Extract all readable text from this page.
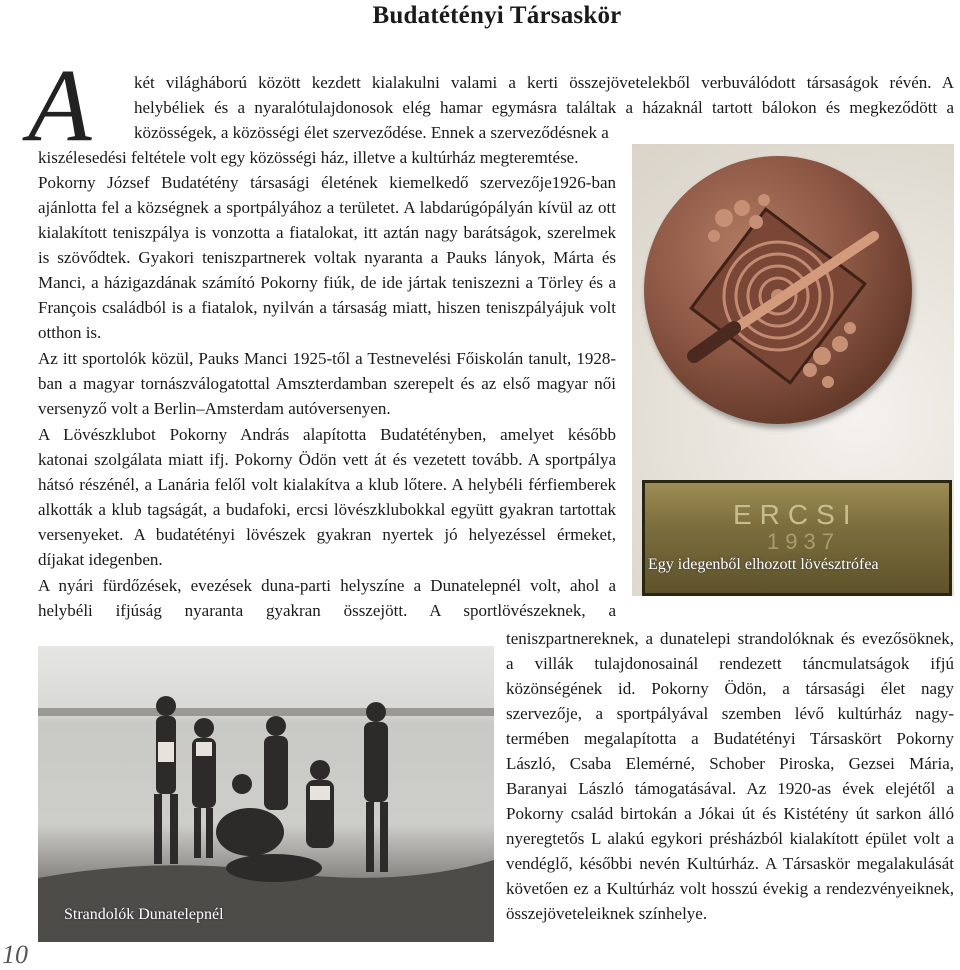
Budatétényi Társaskör
A két világháború között kezdett kialakulni valami a kerti összejövetelekből verbuválódott társaságok révén. A
helybéliek és a nyaralótulajdonosok elég hamar egymásra találtak a házaknál tartott bálokon és megkeződött a
közösségek, a közösségi élet szerveződése. Ennek a szerveződésnek a
kiszélesedési feltétele volt egy közösségi ház, illetve a kultúrház megteremtése.
Pokorny József Budatétény társasági életének kiemelkedő szervezője1926-ban
ajánlotta fel a községnek a sportpályához a területet. A labdarúgópályán kívül az ott
kialakított teniszpálya is vonzotta a fiatalokat, itt aztán nagy barátságok, szerelmek
is szövődtek. Gyakori teniszpartnerek voltak nyaranta a Pauks lányok, Márta és
Manci, a házigazdának számító Pokorny fiúk, de ide jártak teniszezni a Törley és a
François családból is a fiatalok, nyilván a társaság miatt, hiszen teniszpályájuk volt
otthon is.
Az itt sportolók közül, Pauks Manci 1925-től a Testnevelési Főiskolán tanult, 1928-
ban a magyar tornászválogatottal Amszterdamban szerepelt és az első magyar női
versenyző volt a Berlin–Amsterdam autóversenyen.
A Lövészklubot Pokorny András alapította Budatétényben, amelyet később
katonai szolgálata miatt ifj. Pokorny Ödön vett át és vezetett tovább. A sportpálya
hátsó részénél, a Lanária felől volt kialakítva a klub lőtere. A helybéli férfiemberek
alkották a klub tagságát, a budafoki, ercsi lövészklubokkal együtt gyakran tartottak
versenyeket. A budatétényi lövészek gyakran nyertek jó helyezéssel érmeket,
díjakat idegenben.
A nyári fürdőzések, evezések duna-parti helyszíne a Dunatelepnél volt, ahol a
helybéli ifjúság nyaranta gyakran összejött. A sportlövészeknek, a
teniszpartnereknek, a dunatelepi strandolóknak és evezősöknek,
a villák tulajdonosainál rendezett táncmulatságok ifjú
közönségének id. Pokorny Ödön, a társasági élet nagy
szervezője, a sportpályával szemben lévő kultúrház nagy-
termében megalapította a Budatétényi Társaskört Pokorny
László, Csaba Elemérné, Schober Piroska, Gezsei Mária,
Baranyai László támogatásával. Az 1920-as évek elejétől a
Pokorny család birtokán a Jókai út és Kistétény út sarkon álló
nyeregtetős L alakú egykori présházból kialakított épület volt a
vendéglő, későbbi nevén Kultúrház. A Társaskör megalakulását
követően ez a Kultúrház volt hosszú évekig a rendezvényeiknek,
összejöveteleiknek színhelye.
ERCSI
1937
Egy idegenből elhozott lövésztrófea
Strandolók Dunatelepnél
10
